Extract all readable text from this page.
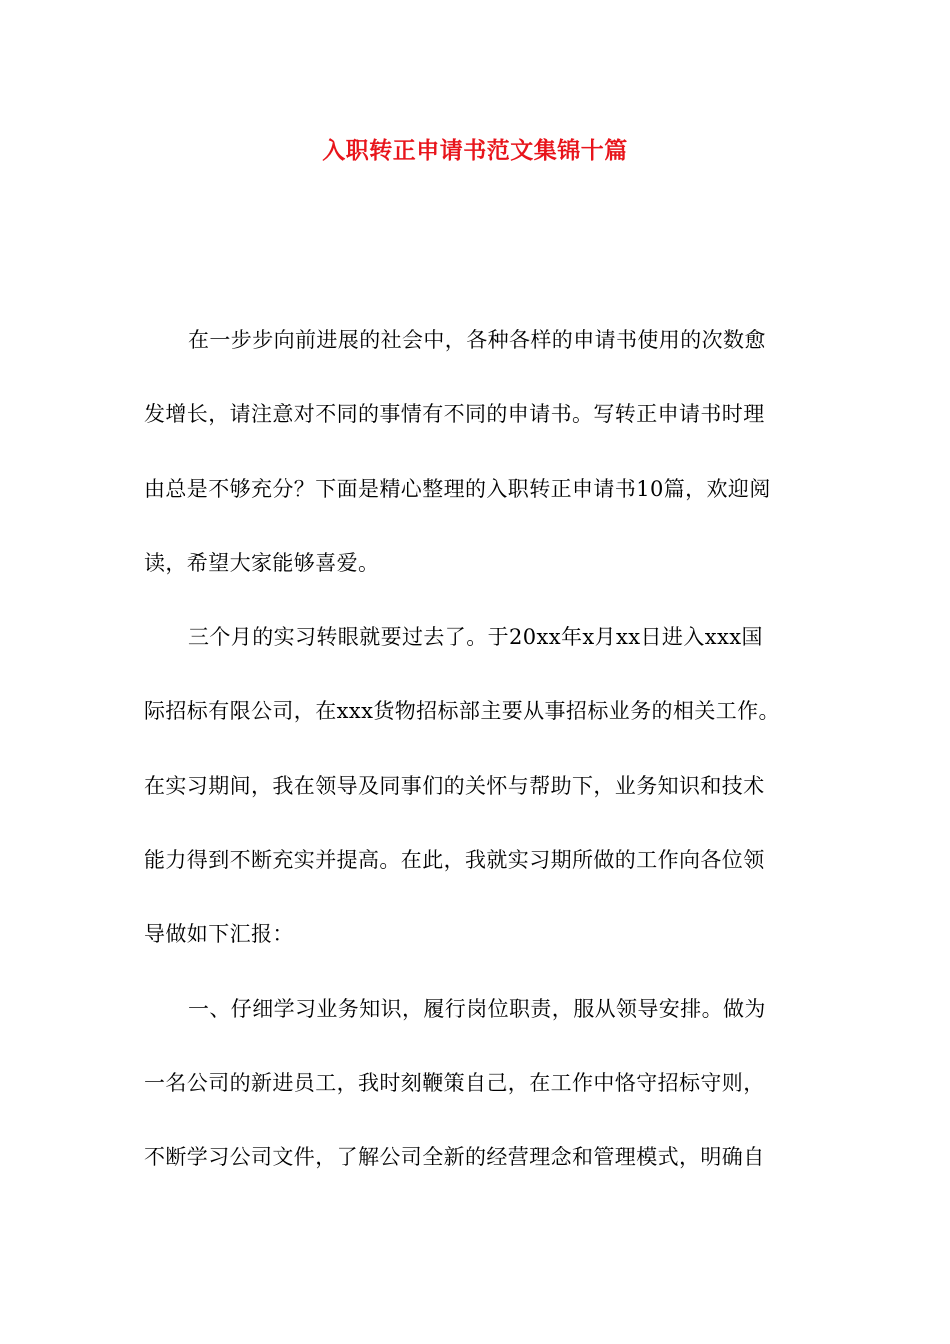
入职转正申请书范文集锦十篇
在一步步向前进展的社会中，各种各样的申请书使用的次数愈
发增长，请注意对不同的事情有不同的申请书。写转正申请书时理
由总是不够充分？下面是精心整理的入职转正申请书10篇，欢迎阅
读，希望大家能够喜爱。
三个月的实习转眼就要过去了。于20xx年x月xx日进入xxx国
际招标有限公司，在xxx货物招标部主要从事招标业务的相关工作。
在实习期间，我在领导及同事们的关怀与帮助下，业务知识和技术
能力得到不断充实并提高。在此，我就实习期所做的工作向各位领
导做如下汇报：
一、仔细学习业务知识，履行岗位职责，服从领导安排。做为
一名公司的新进员工，我时刻鞭策自己，在工作中恪守招标守则，
不断学习公司文件，了解公司全新的经营理念和管理模式，明确自
